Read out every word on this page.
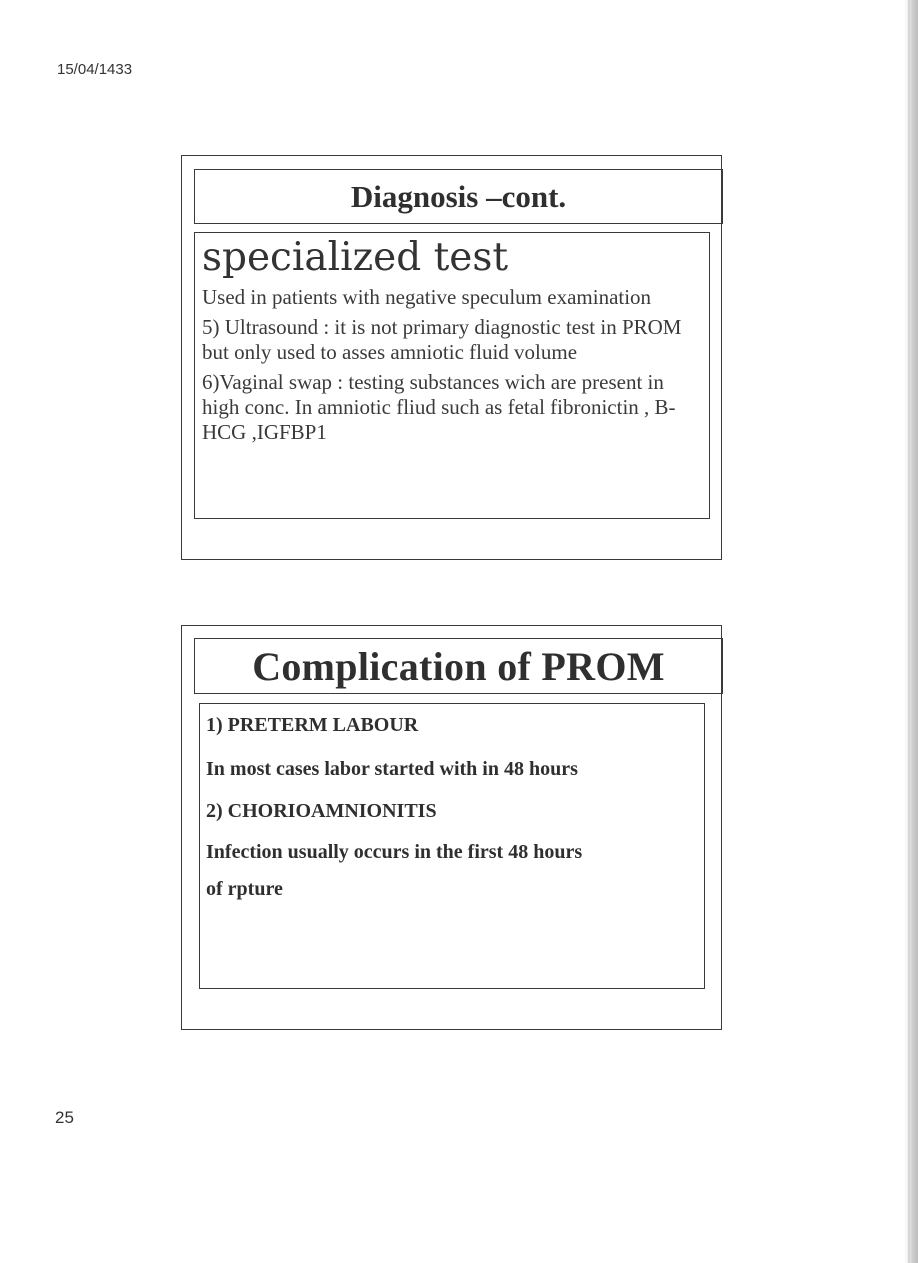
15/04/1433
Diagnosis –cont.
specialized test

Used in patients with negative speculum examination

5) Ultrasound : it is not primary diagnostic test in PROM but only used to asses amniotic fluid volume

6)Vaginal swap : testing substances wich are present in high conc. In amniotic fliud such as fetal fibronictin , B-HCG ,IGFBP1

Complication of PROM
1) PRETERM LABOUR
In most cases labor started with in 48 hours
2) CHORIOAMNIONITIS
Infection usually occurs in the first 48 hours
of rpture
25
